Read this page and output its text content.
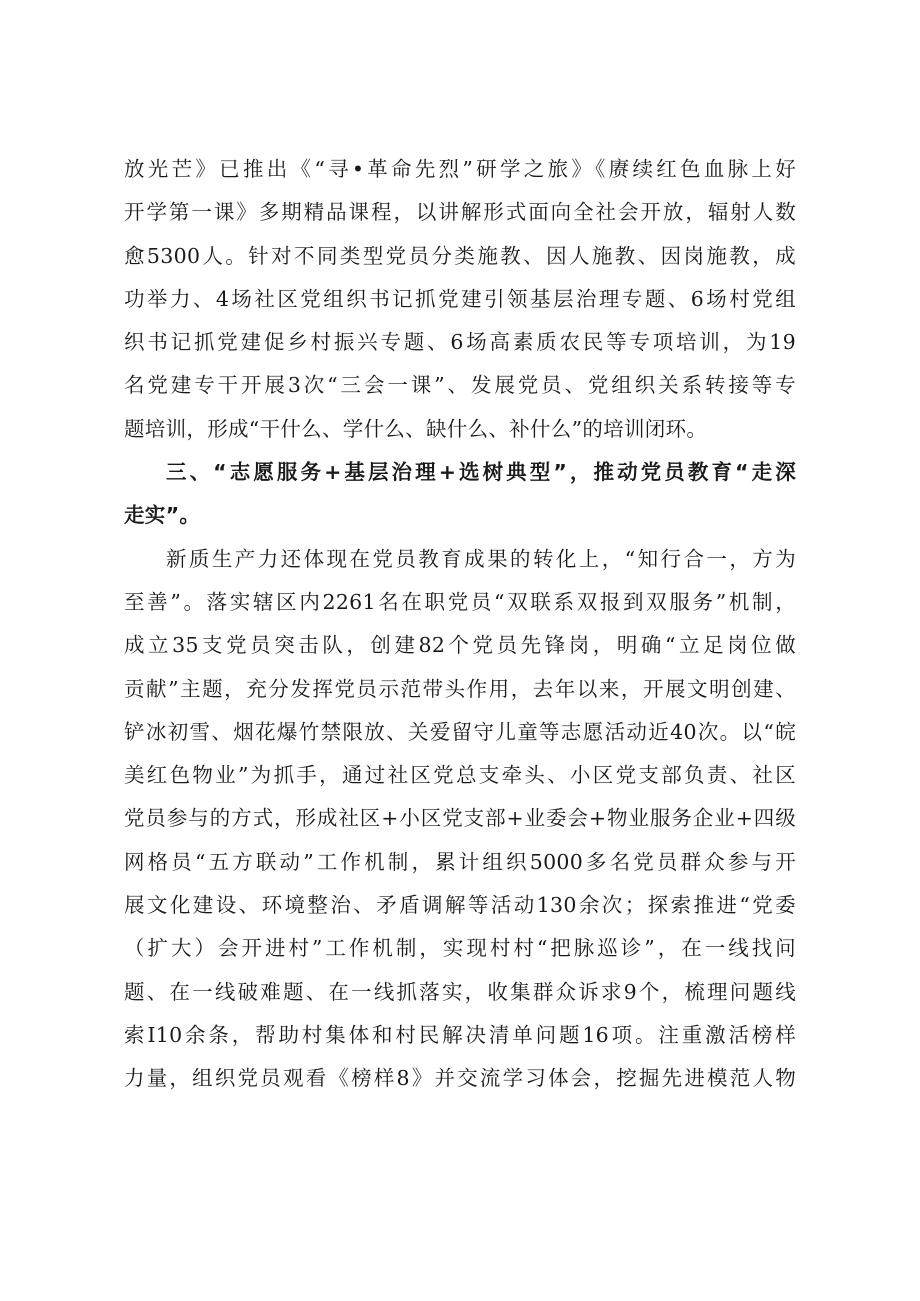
放光芒》已推出《“寻•革命先烈”研学之旅》《赓续红色血脉上好
开学第一课》多期精品课程，以讲解形式面向全社会开放，辐射人数
愈5300人。针对不同类型党员分类施教、因人施教、因岗施教，成
功举力、4场社区党组织书记抓党建引领基层治理专题、6场村党组
织书记抓党建促乡村振兴专题、6场高素质农民等专项培训，为19
名党建专干开展3次“三会一课”、发展党员、党组织关系转接等专
题培训，形成“干什么、学什么、缺什么、补什么”的培训闭环。
三、“志愿服务+基层治理+选树典型”，推动党员教育“走深
走实”。
新质生产力还体现在党员教育成果的转化上，“知行合一，方为
至善”。落实辖区内2261名在职党员“双联系双报到双服务”机制，
成立35支党员突击队，创建82个党员先锋岗，明确“立足岗位做
贡献”主题，充分发挥党员示范带头作用，去年以来，开展文明创建、
铲冰初雪、烟花爆竹禁限放、关爱留守儿童等志愿活动近40次。以“皖
美红色物业”为抓手，通过社区党总支牵头、小区党支部负责、社区
党员参与的方式，形成社区+小区党支部+业委会+物业服务企业+四级
网格员“五方联动”工作机制，累计组织5000多名党员群众参与开
展文化建设、环境整治、矛盾调解等活动130余次；探索推进“党委
（扩大）会开进村”工作机制，实现村村“把脉巡诊”，在一线找问
题、在一线破难题、在一线抓落实，收集群众诉求9个，梳理问题线
索I10余条，帮助村集体和村民解决清单问题16项。注重激活榜样
力量，组织党员观看《榜样8》并交流学习体会，挖掘先进模范人物
